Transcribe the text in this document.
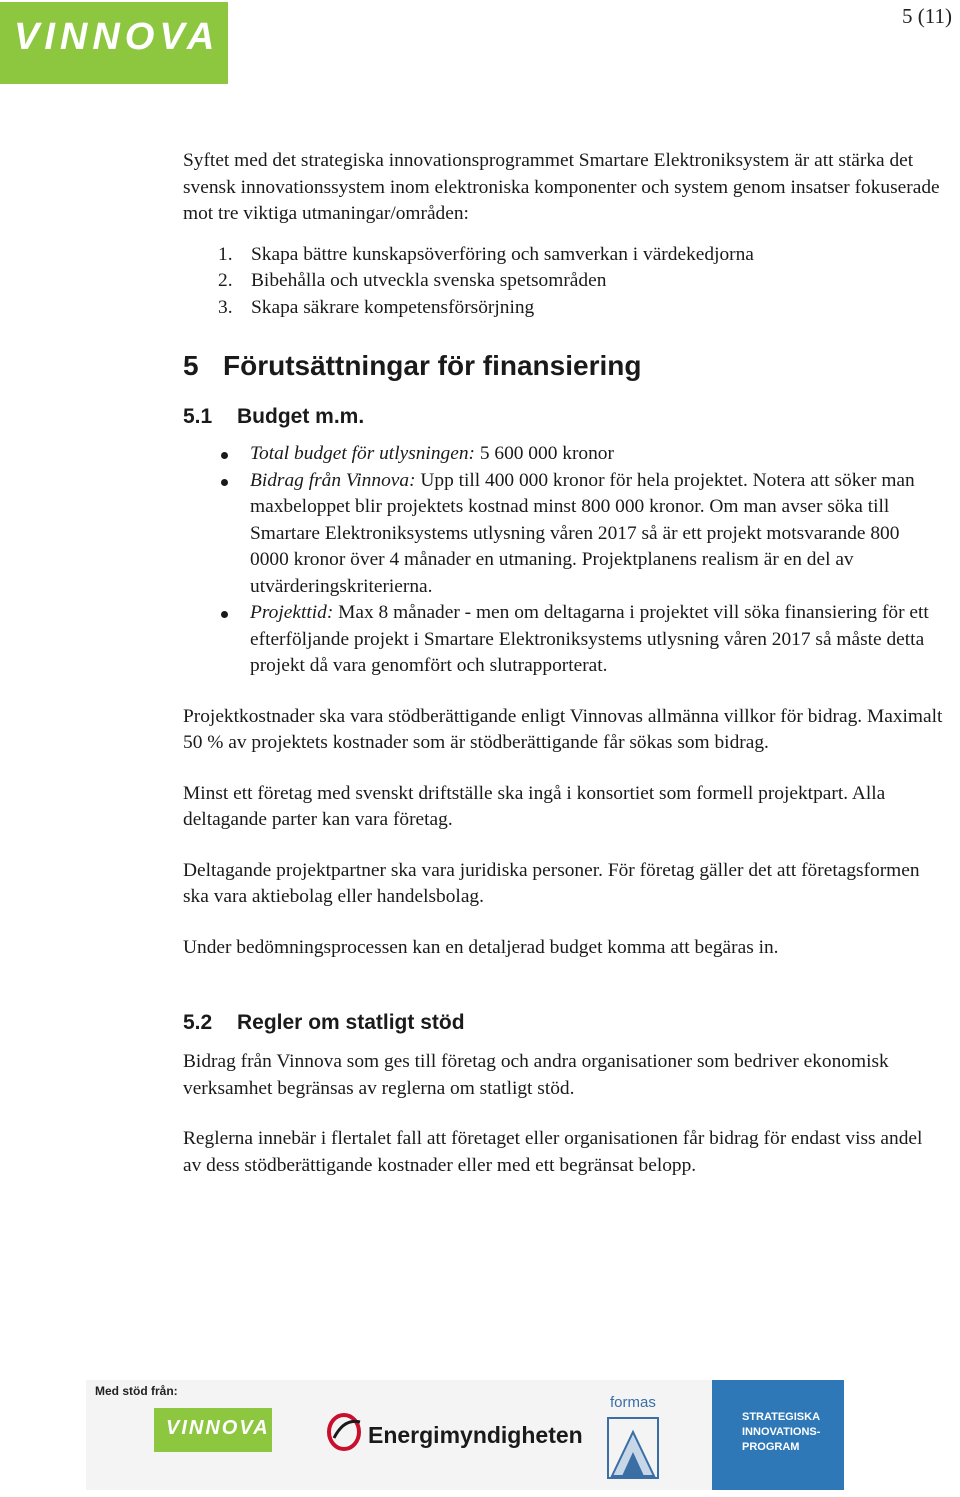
VINNOVA	5 (11)

Syftet med det strategiska innovationsprogrammet Smartare Elektroniksystem är att stärka det svensk innovationssystem inom elektroniska komponenter och system genom insatser fokuserade mot tre viktiga utmaningar/områden:

1. Skapa bättre kunskapsöverföring och samverkan i värdekedjorna
2. Bibehålla och utveckla svenska spetsområden
3. Skapa säkrare kompetensförsörjning
5 Förutsättningar för finansiering
5.1 Budget m.m.
Total budget för utlysningen: 5 600 000 kronor
Bidrag från Vinnova: Upp till 400 000 kronor för hela projektet. Notera att söker man maxbeloppet blir projektets kostnad minst 800 000 kronor. Om man avser söka till Smartare Elektroniksystems utlysning våren 2017 så är ett projekt motsvarande 800 0000 kronor över 4 månader en utmaning. Projektplanens realism är en del av utvärderingskriterierna.
Projekttid: Max 8 månader - men om deltagarna i projektet vill söka finansiering för ett efterföljande projekt i Smartare Elektroniksystems utlysning våren 2017 så måste detta projekt då vara genomfört och slutrapporterat.

Projektkostnader ska vara stödberättigande enligt Vinnovas allmänna villkor för bidrag. Maximalt 50 % av projektets kostnader som är stödberättigande får sökas som bidrag.

Minst ett företag med svenskt driftställe ska ingå i konsortiet som formell projektpart. Alla deltagande parter kan vara företag.

Deltagande projektpartner ska vara juridiska personer. För företag gäller det att företagsformen ska vara aktiebolag eller handelsbolag.

Under bedömningsprocessen kan en detaljerad budget komma att begäras in.

5.2 Regler om statligt stöd

Bidrag från Vinnova som ges till företag och andra organisationer som bedriver ekonomisk verksamhet begränsas av reglerna om statligt stöd.

Reglerna innebär i flertalet fall att företaget eller organisationen får bidrag för endast viss andel av dess stödberättigande kostnader eller med ett begränsat belopp.

Med stöd från:
VINNOVA	Energimyndigheten
formas
STRATEGISKA
INNOVATIONS-
PROGRAM
